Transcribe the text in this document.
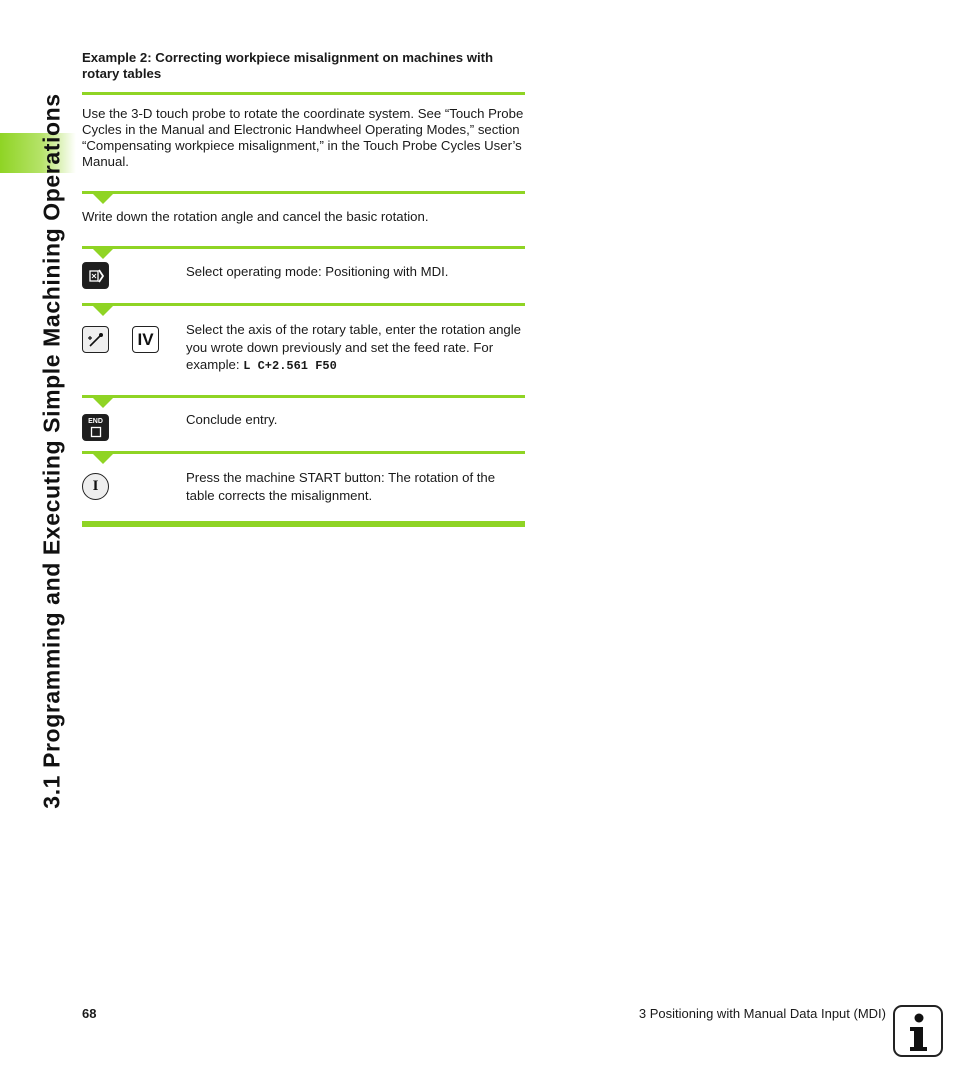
3.1 Programming and Executing Simple Machining Operations
Example 2: Correcting workpiece misalignment on machines with rotary tables
Use the 3-D touch probe to rotate the coordinate system. See “Touch Probe Cycles in the Manual and Electronic Handwheel Operating Modes,” section “Compensating workpiece misalignment,” in the Touch Probe Cycles User’s Manual.
Write down the rotation angle and cancel the basic rotation.
Select operating mode: Positioning with MDI.
IV Select the axis of the rotary table, enter the rotation angle you wrote down previously and set the feed rate. For example: L C+2.561 F50
END	Conclude entry.
I
Press the machine START button: The rotation of the table corrects the misalignment.
68	3 Positioning with Manual Data Input (MDI)
